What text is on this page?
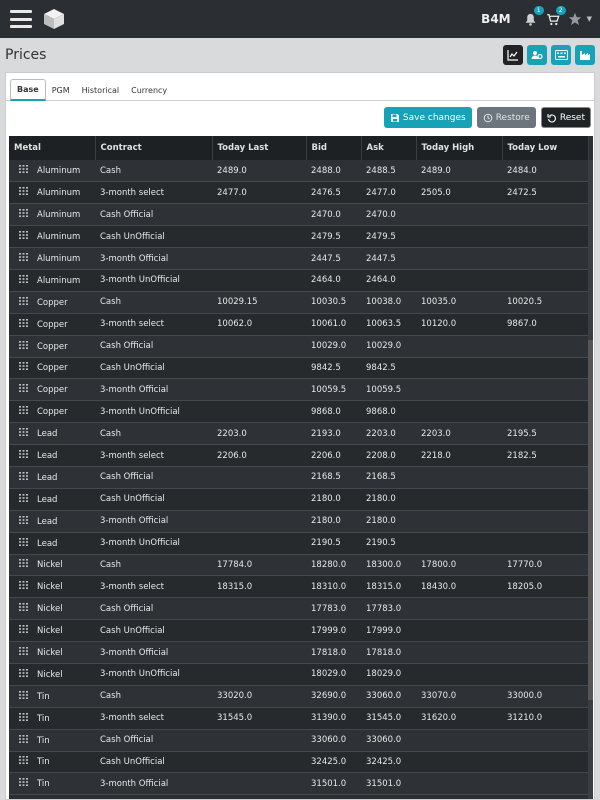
B4M
1	2
▼
Prices
Base	PGM	Historical	Currency
Save changes	Restore	Reset
Metal	Contract	Today Last	Bid	Ask	Today High	Today Low
Aluminum	Cash	2489.0	2488.0	2488.5	2489.0	2484.0
Aluminum	3-month select	2477.0	2476.5	2477.0	2505.0	2472.5
Aluminum	Cash Official		2470.0	2470.0		
Aluminum	Cash UnOfficial		2479.5	2479.5		
Aluminum	3-month Official		2447.5	2447.5		
Aluminum	3-month UnOfficial		2464.0	2464.0		
Copper	Cash	10029.15	10030.5	10038.0	10035.0	10020.5
Copper	3-month select	10062.0	10061.0	10063.5	10120.0	9867.0
Copper	Cash Official		10029.0	10029.0		
Copper	Cash UnOfficial		9842.5	9842.5		
Copper	3-month Official		10059.5	10059.5		
Copper	3-month UnOfficial		9868.0	9868.0		
Lead	Cash	2203.0	2193.0	2203.0	2203.0	2195.5
Lead	3-month select	2206.0	2206.0	2208.0	2218.0	2182.5
Lead	Cash Official		2168.5	2168.5		
Lead	Cash UnOfficial		2180.0	2180.0		
Lead	3-month Official		2180.0	2180.0		
Lead	3-month UnOfficial		2190.5	2190.5		
Nickel	Cash	17784.0	18280.0	18300.0	17800.0	17770.0
Nickel	3-month select	18315.0	18310.0	18315.0	18430.0	18205.0
Nickel	Cash Official		17783.0	17783.0		
Nickel	Cash UnOfficial		17999.0	17999.0		
Nickel	3-month Official		17818.0	17818.0		
Nickel	3-month UnOfficial		18029.0	18029.0		
Tin	Cash	33020.0	32690.0	33060.0	33070.0	33000.0
Tin	3-month select	31545.0	31390.0	31545.0	31620.0	31210.0
Tin	Cash Official		33060.0	33060.0		
Tin	Cash UnOfficial		32425.0	32425.0		
Tin	3-month Official		31501.0	31501.0		
